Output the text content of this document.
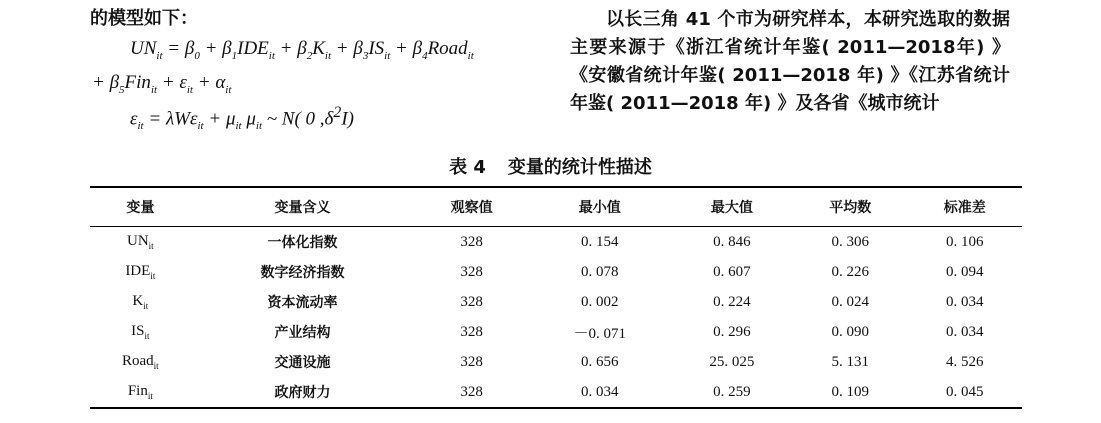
的模型如下：
$UN_{it} = \beta_0 + \beta_1IDE_{it} + \beta_2K_{it} + \beta_3IS_{it}$ + $\beta_4Road_{it}$
+ $\beta_5Fin_{it} + \varepsilon_{it} + \alpha_{it}$
$\varepsilon_{it} = \lambda W\varepsilon_{it} + \mu_{it}$ $\mu_{it}$ ~ N( 0 $,\delta^2I$)

以长三角 41 个市为研究样本，本研究选取的数据主要来源于《浙江省统计年鉴( 2011—2018年) 》《安徽省统计年鉴( 2011—2018 年) 》《江苏省统计年鉴( 2011—2018 年) 》及各省《城市统计

表 4 变量的统计性描述
变量	变量含义	观察值	最小值	最大值	平均数	标准差
$UN_{it}$	一体化指数	328	0. 154	0. 846	0. 306	0. 106
$IDE_{it}$	数字经济指数	328	0. 078	0. 607	0. 226	0. 094
$K_{it}$	资本流动率	328	0. 002	0. 224	0. 024	0. 034
$IS_{it}$	产业结构	328	－0. 071	0. 296	0. 090	0. 034
Road$_{it}$	交通设施	328	0. 656	25. 025	5. 131	4. 526
Fin$_{it}$	政府财力	328	0. 034	0. 259	0. 109	0. 045
